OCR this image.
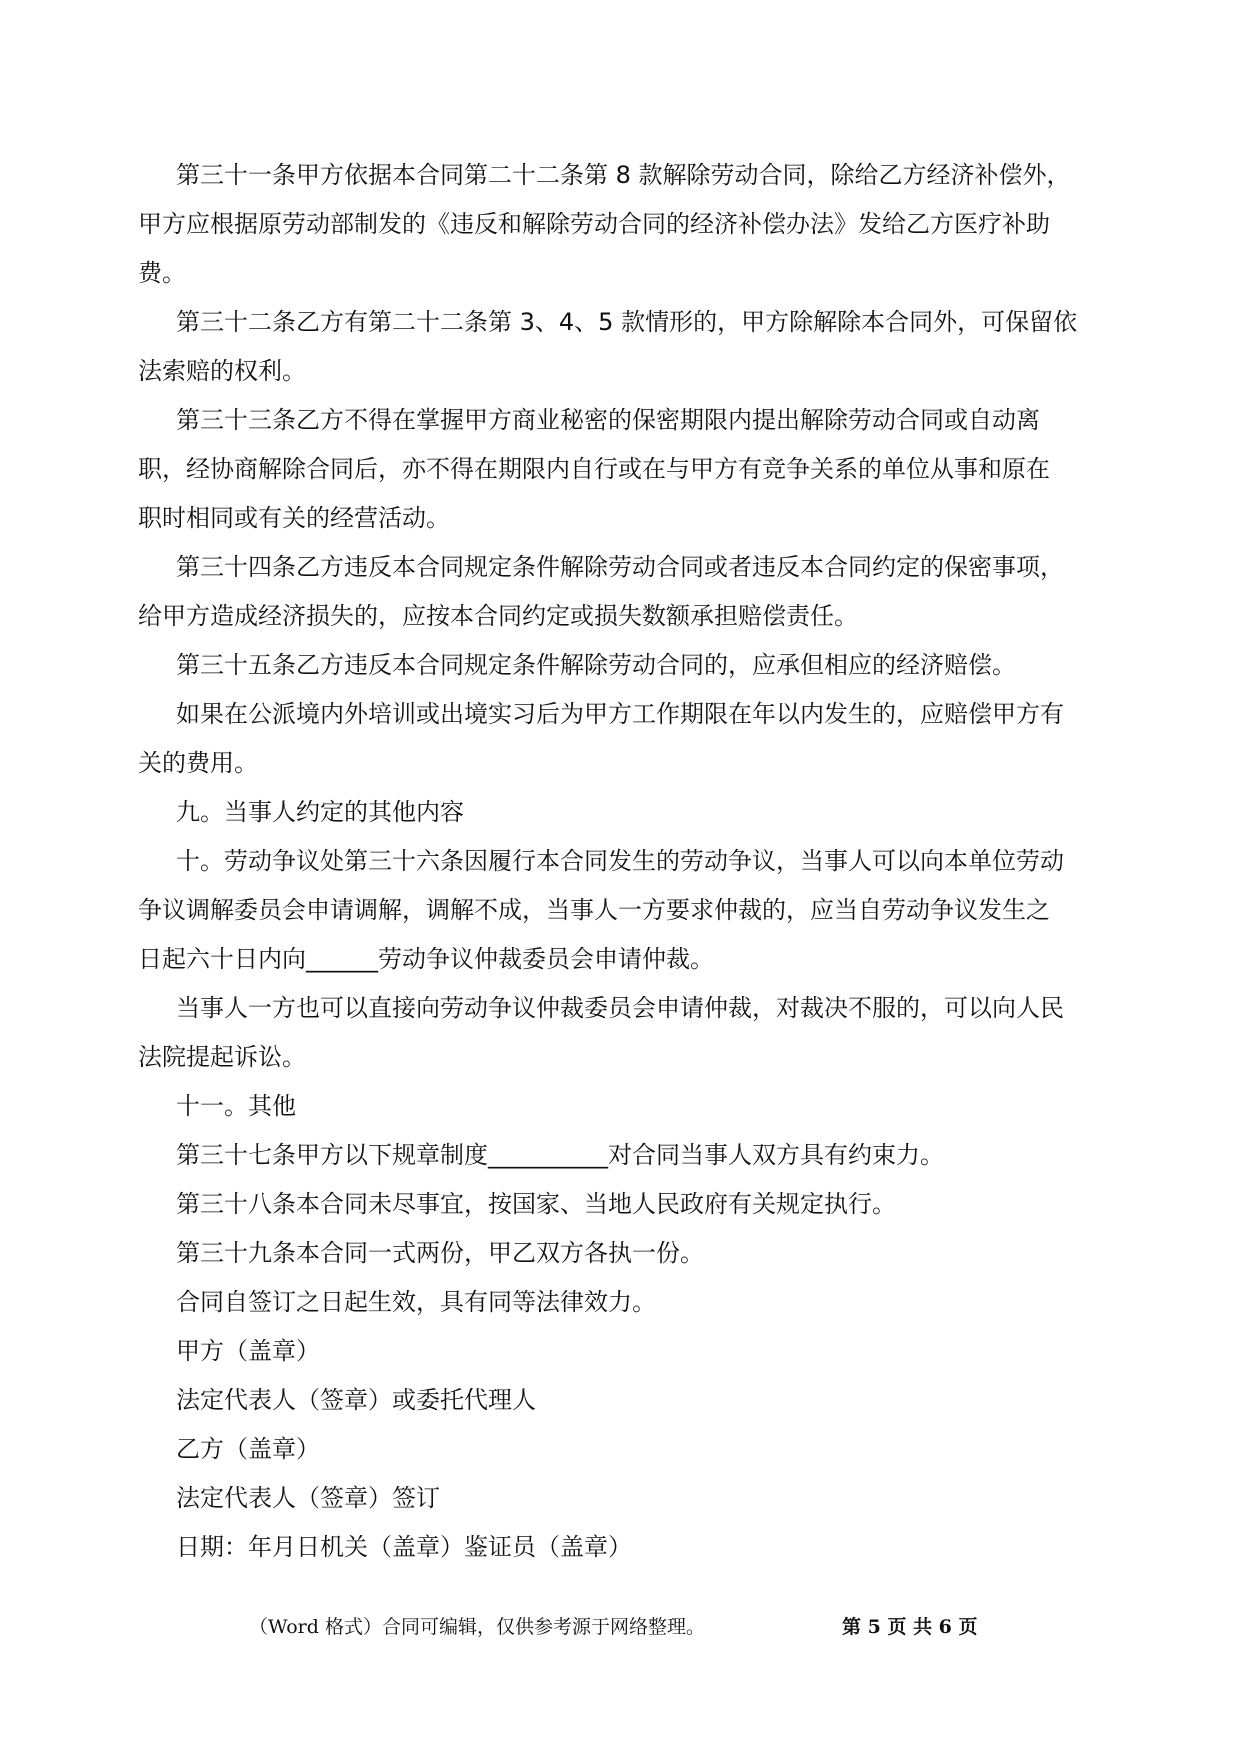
第三十一条甲方依据本合同第二十二条第 8 款解除劳动合同，除给乙方经济补偿外，
甲方应根据原劳动部制发的《违反和解除劳动合同的经济补偿办法》发给乙方医疗补助
费。
第三十二条乙方有第二十二条第 3、4、5 款情形的，甲方除解除本合同外，可保留依
法索赔的权利。
第三十三条乙方不得在掌握甲方商业秘密的保密期限内提出解除劳动合同或自动离
职，经协商解除合同后，亦不得在期限内自行或在与甲方有竞争关系的单位从事和原在
职时相同或有关的经营活动。
第三十四条乙方违反本合同规定条件解除劳动合同或者违反本合同约定的保密事项，
给甲方造成经济损失的，应按本合同约定或损失数额承担赔偿责任。
第三十五条乙方违反本合同规定条件解除劳动合同的，应承但相应的经济赔偿。
如果在公派境内外培训或出境实习后为甲方工作期限在年以内发生的，应赔偿甲方有
关的费用。
九。当事人约定的其他内容
十。劳动争议处第三十六条因履行本合同发生的劳动争议，当事人可以向本单位劳动
争议调解委员会申请调解，调解不成，当事人一方要求仲裁的，应当自劳动争议发生之
日起六十日内向______劳动争议仲裁委员会申请仲裁。
当事人一方也可以直接向劳动争议仲裁委员会申请仲裁，对裁决不服的，可以向人民
法院提起诉讼。
十一。其他
第三十七条甲方以下规章制度__________对合同当事人双方具有约束力。
第三十八条本合同未尽事宜，按国家、当地人民政府有关规定执行。
第三十九条本合同一式两份，甲乙双方各执一份。
合同自签订之日起生效，具有同等法律效力。
甲方（盖章）
法定代表人（签章）或委托代理人
乙方（盖章）
法定代表人（签章）签订
日期：年月日机关（盖章）鉴证员（盖章）
（Word 格式）合同可编辑，仅供参考源于网络整理。	第 5 页 共 6 页
